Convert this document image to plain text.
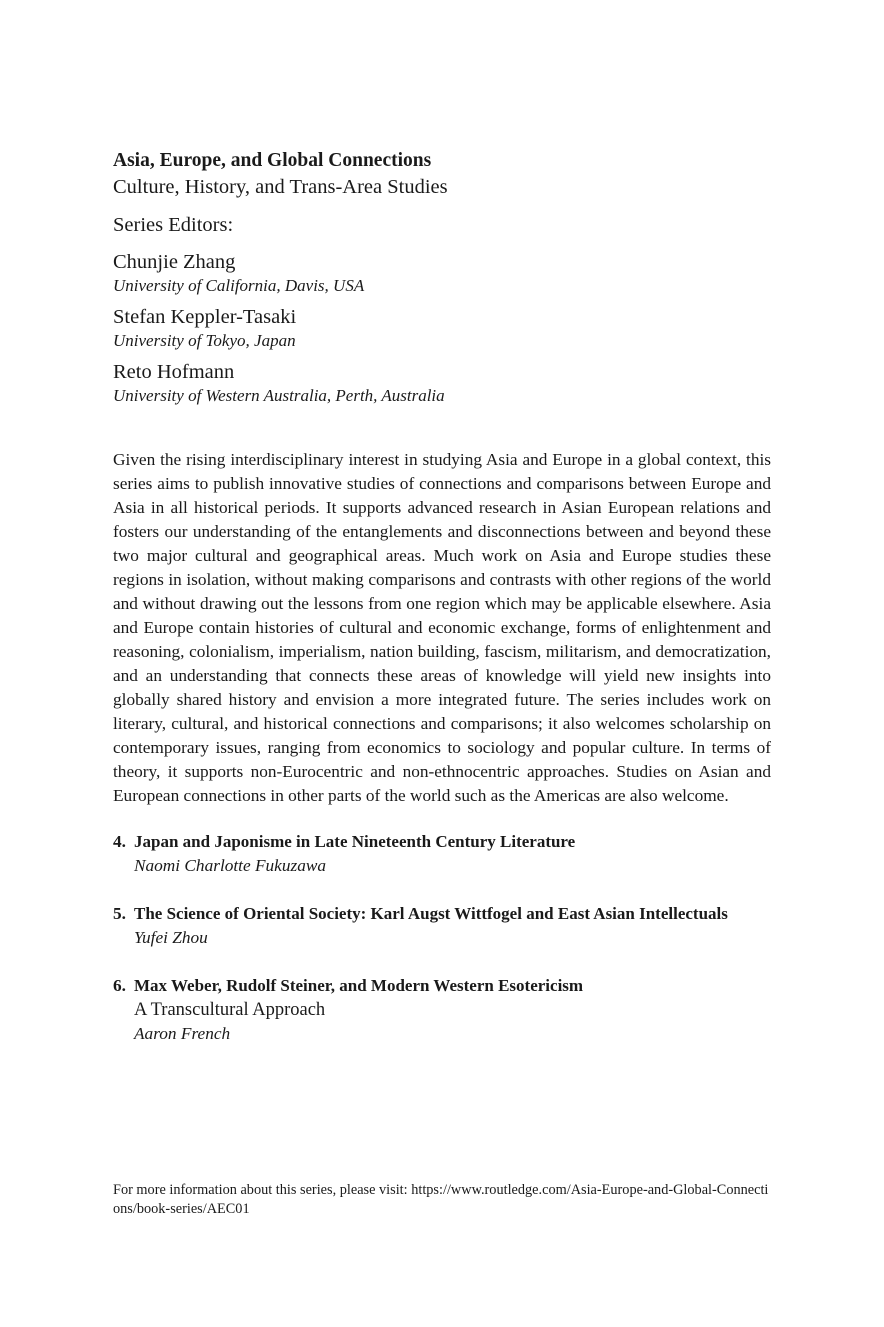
Asia, Europe, and Global Connections
Culture, History, and Trans-Area Studies
Series Editors:
Chunjie Zhang
University of California, Davis, USA
Stefan Keppler-Tasaki
University of Tokyo, Japan
Reto Hofmann
University of Western Australia, Perth, Australia
Given the rising interdisciplinary interest in studying Asia and Europe in a global context, this series aims to publish innovative studies of connections and comparisons between Europe and Asia in all historical periods. It supports advanced research in Asian European relations and fosters our understanding of the entanglements and disconnections between and beyond these two major cultural and geographical areas. Much work on Asia and Europe studies these regions in isolation, without making comparisons and contrasts with other regions of the world and without drawing out the lessons from one region which may be applicable elsewhere. Asia and Europe contain histories of cultural and economic exchange, forms of enlightenment and reasoning, colonialism, imperialism, nation building, fascism, militarism, and democratization, and an understanding that connects these areas of knowledge will yield new insights into globally shared history and envision a more integrated future. The series includes work on literary, cultural, and historical connections and comparisons; it also welcomes scholarship on contemporary issues, ranging from economics to sociology and popular culture. In terms of theory, it supports non-Eurocentric and non-ethnocentric approaches. Studies on Asian and European connections in other parts of the world such as the Americas are also welcome.
4. Japan and Japonisme in Late Nineteenth Century Literature
Naomi Charlotte Fukuzawa
5. The Science of Oriental Society: Karl Augst Wittfogel and East Asian Intellectuals
Yufei Zhou
6. Max Weber, Rudolf Steiner, and Modern Western Esotericism
A Transcultural Approach
Aaron French
For more information about this series, please visit: https://www.routledge.com/Asia-Europe-and-Global-Connections/book-series/AEC01
